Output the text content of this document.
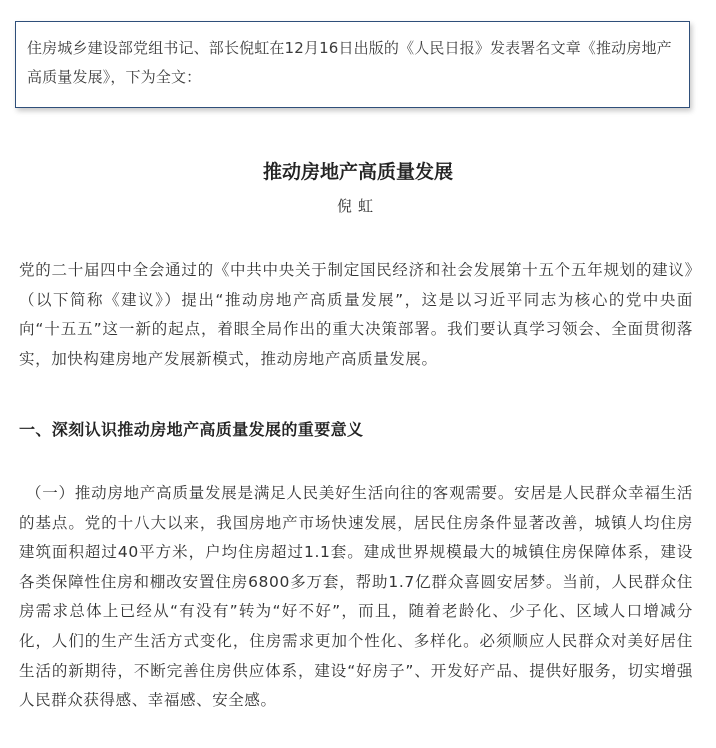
住房城乡建设部党组书记、部长倪虹在12月16日出版的《人民日报》发表署名文章《推动房地产高质量发展》，下为全文：

推动房地产高质量发展

倪虹

党的二十届四中全会通过的《中共中央关于制定国民经济和社会发展第十五个五年规划的建议》（以下简称《建议》）提出“推动房地产高质量发展”，这是以习近平同志为核心的党中央面向“十五五”这一新的起点，着眼全局作出的重大决策部署。我们要认真学习领会、全面贯彻落实，加快构建房地产发展新模式，推动房地产高质量发展。

一、深刻认识推动房地产高质量发展的重要意义

（一）推动房地产高质量发展是满足人民美好生活向往的客观需要。安居是人民群众幸福生活的基点。党的十八大以来，我国房地产市场快速发展，居民住房条件显著改善，城镇人均住房建筑面积超过40平方米，户均住房超过1.1套。建成世界规模最大的城镇住房保障体系，建设各类保障性住房和棚改安置住房6800多万套，帮助1.7亿群众喜圆安居梦。当前，人民群众住房需求总体上已经从“有没有”转为“好不好”，而且，随着老龄化、少子化、区域人口增减分化，人们的生产生活方式变化，住房需求更加个性化、多样化。必须顺应人民群众对美好居住生活的新期待，不断完善住房供应体系，建设“好房子”、开发好产品、提供好服务，切实增强人民群众获得感、幸福感、安全感。
